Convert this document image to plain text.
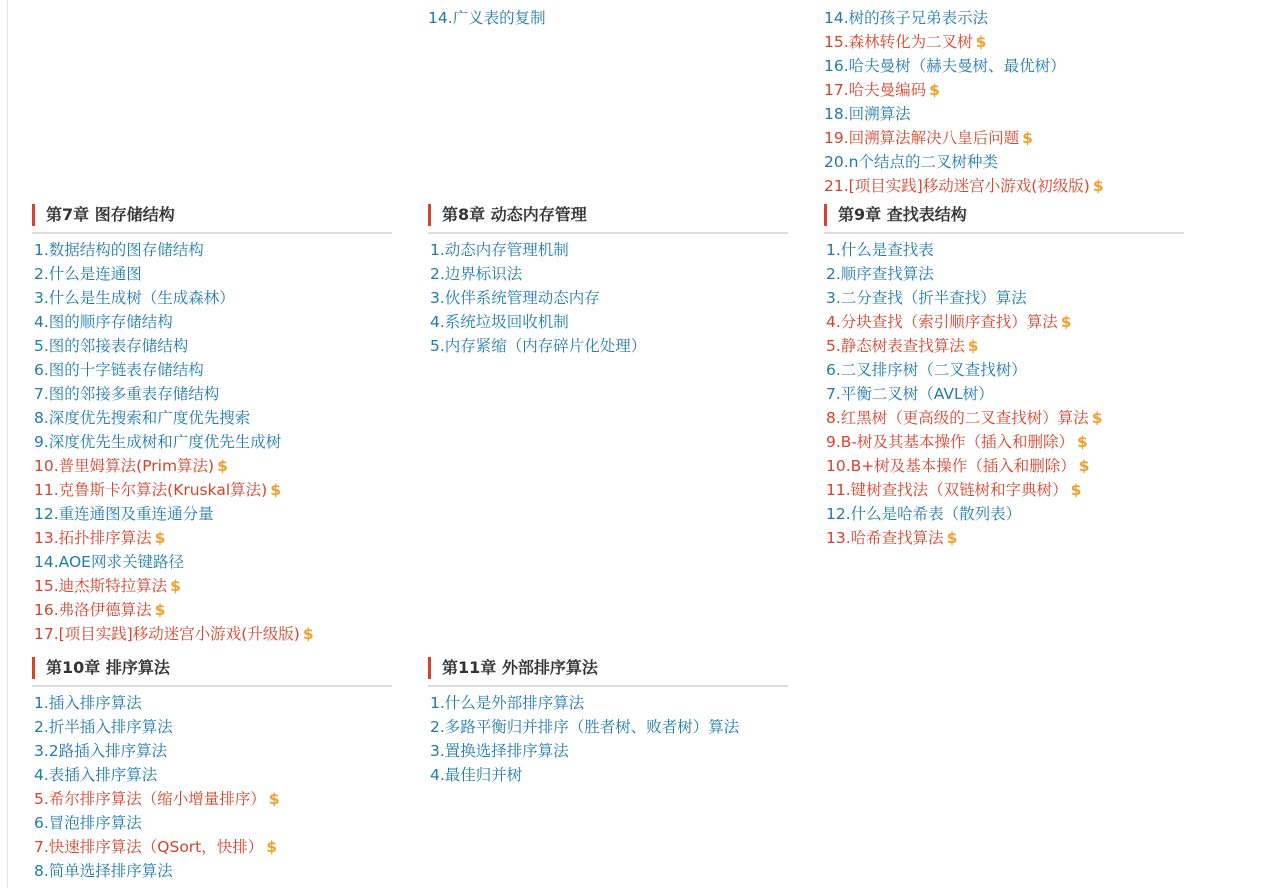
14.广义表的复制	14.树的孩子兄弟表示法
15.森林转化为二叉树 $
16.哈夫曼树（赫夫曼树、最优树）
17.哈夫曼编码 $
18.回溯算法
19.回溯算法解决八皇后问题 $
20.n个结点的二叉树种类
21.[项目实践]移动迷宫小游戏(初级版) $
第7章 图存储结构
1.数据结构的图存储结构
2.什么是连通图
3.什么是生成树（生成森林）
4.图的顺序存储结构
5.图的邻接表存储结构
6.图的十字链表存储结构
7.图的邻接多重表存储结构
8.深度优先搜索和广度优先搜索
9.深度优先生成树和广度优先生成树
10.普里姆算法(Prim算法) $
11.克鲁斯卡尔算法(Kruskal算法) $
12.重连通图及重连通分量
13.拓扑排序算法 $
14.AOE网求关键路径
15.迪杰斯特拉算法 $
16.弗洛伊德算法 $
17.[项目实践]移动迷宫小游戏(升级版) $
第8章 动态内存管理
1.动态内存管理机制
2.边界标识法
3.伙伴系统管理动态内存
4.系统垃圾回收机制
5.内存紧缩（内存碎片化处理）
第9章 查找表结构
1.什么是查找表
2.顺序查找算法
3.二分查找（折半查找）算法
4.分块查找（索引顺序查找）算法 $
5.静态树表查找算法 $
6.二叉排序树（二叉查找树）
7.平衡二叉树（AVL树）
8.红黑树（更高级的二叉查找树）算法 $
9.B-树及其基本操作（插入和删除） $
10.B+树及基本操作（插入和删除） $
11.键树查找法（双链树和字典树） $
12.什么是哈希表（散列表）
13.哈希查找算法 $
第10章 排序算法
1.插入排序算法
2.折半插入排序算法
3.2路插入排序算法
4.表插入排序算法
5.希尔排序算法（缩小增量排序） $
6.冒泡排序算法
7.快速排序算法（QSort，快排） $
8.简单选择排序算法
第11章 外部排序算法
1.什么是外部排序算法
2.多路平衡归并排序（胜者树、败者树）算法
3.置换选择排序算法
4.最佳归并树
